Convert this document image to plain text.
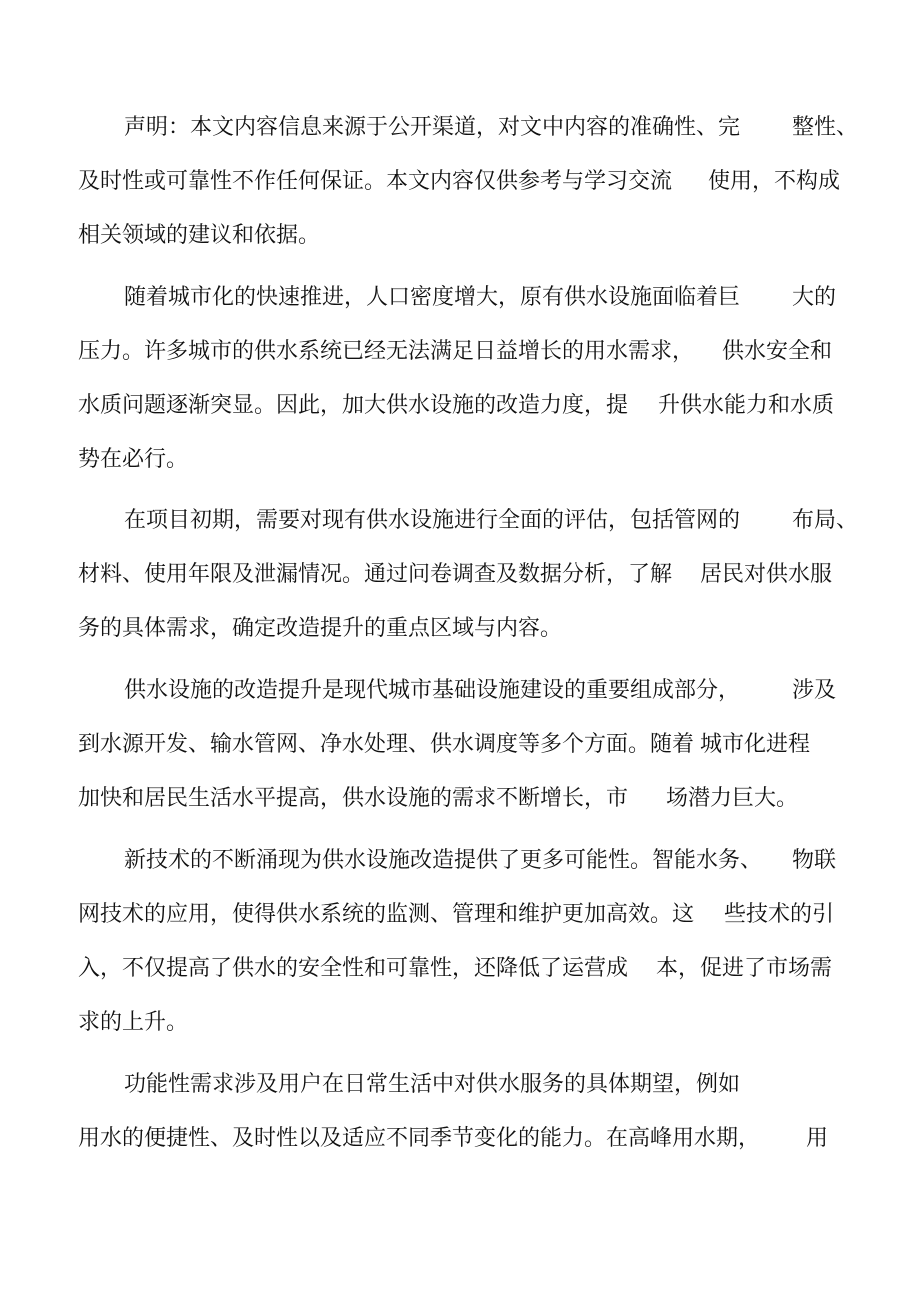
声明：本文内容信息来源于公开渠道，对文中内容的准确性、完 整性、
及时性或可靠性不作任何保证。本文内容仅供参考与学习交流 使用，不构成
相关领域的建议和依据。
随着城市化的快速推进，人口密度增大，原有供水设施面临着巨 大的
压力。许多城市的供水系统已经无法满足日益增长的用水需求， 供水安全和
水质问题逐渐突显。因此，加大供水设施的改造力度，提 升供水能力和水质
势在必行。
在项目初期，需要对现有供水设施进行全面的评估，包括管网的 布局、
材料、使用年限及泄漏情况。通过问卷调查及数据分析，了解 居民对供水服
务的具体需求，确定改造提升的重点区域与内容。
供水设施的改造提升是现代城市基础设施建设的重要组成部分， 涉及
到水源开发、输水管网、净水处理、供水调度等多个方面。随着 城市化进程
加快和居民生活水平提高，供水设施的需求不断增长，市 场潜力巨大。
新技术的不断涌现为供水设施改造提供了更多可能性。智能水务、 物联
网技术的应用，使得供水系统的监测、管理和维护更加高效。这 些技术的引
入，不仅提高了供水的安全性和可靠性，还降低了运营成 本，促进了市场需
求的上升。
功能性需求涉及用户在日常生活中对供水服务的具体期望，例如
用水的便捷性、及时性以及适应不同季节变化的能力。在高峰用水期， 用
